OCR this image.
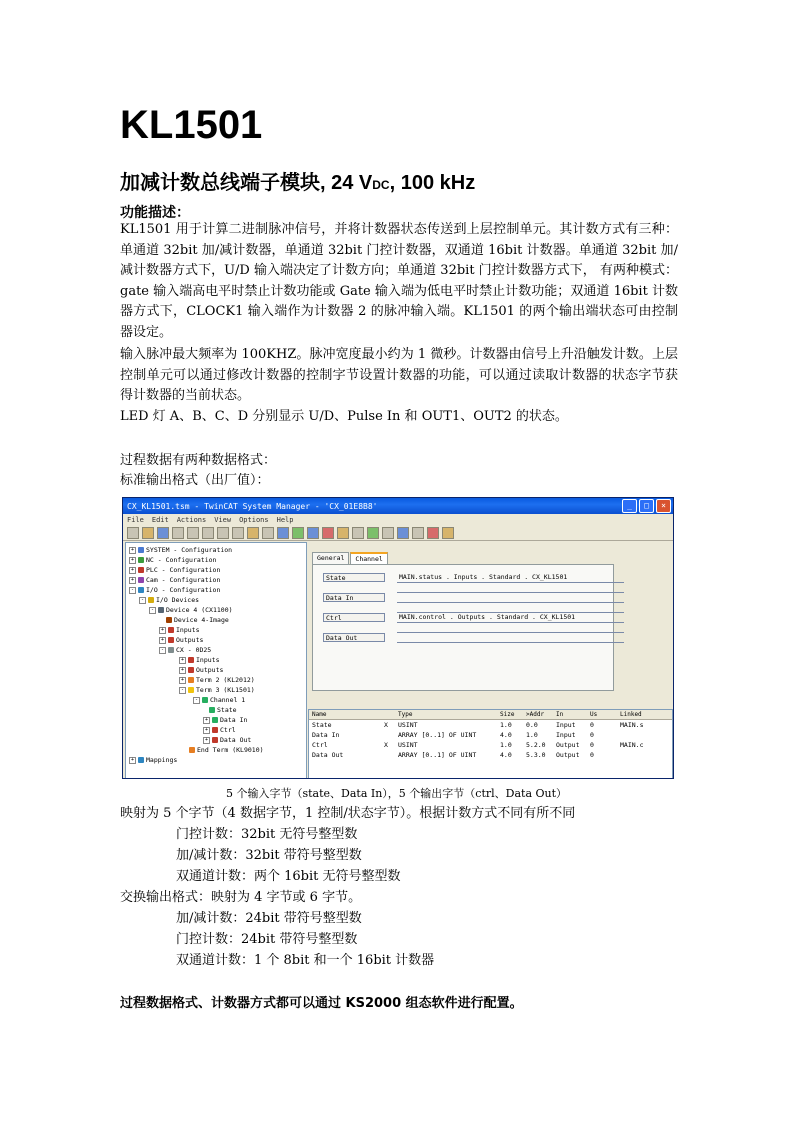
KL1501
加减计数总线端子模块, 24 VDC, 100 kHz
功能描述：
KL1501 用于计算二进制脉冲信号，并将计数器状态传送到上层控制单元。其计数方式有三种：单通道 32bit 加/减计数器，单通道 32bit 门控计数器，双通道 16bit 计数器。单通道 32bit 加/减计数器方式下，U/D 输入端决定了计数方向；单通道 32bit 门控计数器方式下， 有两种模式：gate 输入端高电平时禁止计数功能或 Gate 输入端为低电平时禁止计数功能；双通道 16bit 计数器方式下，CLOCK1 输入端作为计数器 2 的脉冲输入端。KL1501 的两个输出端状态可由控制器设定。
输入脉冲最大频率为 100KHZ。脉冲宽度最小约为 1 微秒。计数器由信号上升沿触发计数。上层控制单元可以通过修改计数器的控制字节设置计数器的功能，可以通过读取计数器的状态字节获得计数器的当前状态。
LED 灯 A、B、C、D 分别显示 U/D、Pulse In 和 OUT1、OUT2 的状态。
过程数据有两种数据格式：
标准输出格式（出厂值）：
CX_KL1501.tsm - TwinCAT System Manager - 'CX_01E8B8'	_	□	×
File Edit Actions View Options Help
+	SYSTEM - Configuration
+	NC - Configuration
+	PLC - Configuration
+	Cam - Configuration
-	I/O - Configuration
-	I/O Devices
-	Device 4 (CX1100)
Device 4-Image
+	Inputs
+	Outputs
-	CX - 0D25
+	Inputs
+	Outputs
+	Term 2 (KL2012)
-	Term 3 (KL1501)
-	Channel 1
State
+	Data In
+	Ctrl
+	Data Out
End Term (KL9010)
+	Mappings
General	Channel
State	MAIN.status . Inputs . Standard . CX_KL1501
Data In
Ctrl	MAIN.control . Outputs . Standard . CX_KL1501
Data Out
Name	Type	Size	>Addr	In	Us	Linked
State	X	USINT	1.0	0.0	Input	0	MAIN.s
Data In	ARRAY [0..1] OF UINT	4.0	1.0	Input	0
Ctrl	X	USINT	1.0	5.2.0	Output	0	MAIN.c
Data Out	ARRAY [0..1] OF UINT	4.0	5.3.0	Output	0
5 个输入字节（state、Data In），5 个输出字节（ctrl、Data Out）
映射为 5 个字节（4 数据字节，1 控制/状态字节）。根据计数方式不同有所不同
门控计数：32bit 无符号整型数
加/减计数：32bit 带符号整型数
双通道计数：两个 16bit 无符号整型数
交换输出格式：映射为 4 字节或 6 字节。
加/减计数：24bit 带符号整型数
门控计数：24bit 带符号整型数
双通道计数：1 个 8bit 和一个 16bit 计数器
过程数据格式、计数器方式都可以通过 KS2000 组态软件进行配置。
